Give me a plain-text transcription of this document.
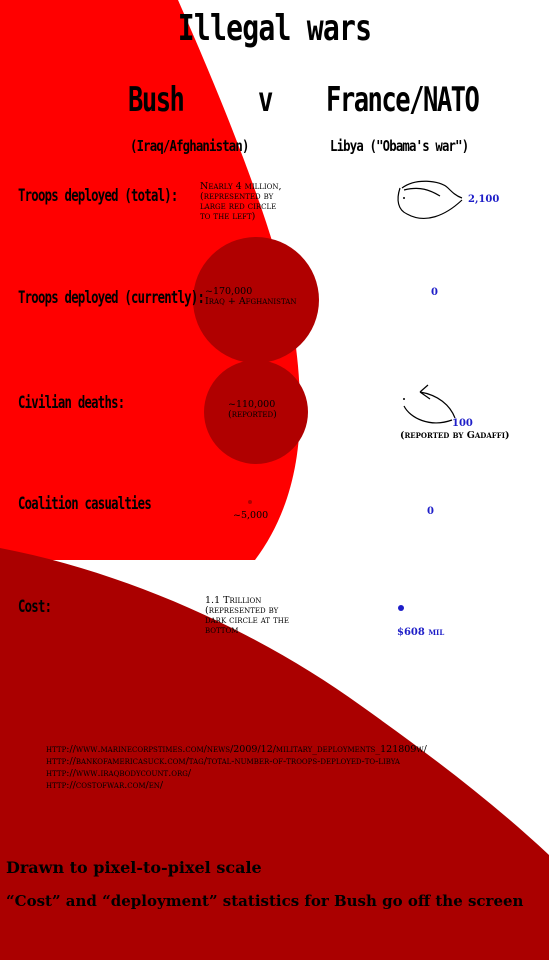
Illegal wars
Bush v France/NATO
(Iraq/Afghanistan)	Libya ("Obama's war")
Troops deployed (total):
Troops deployed (currently):
Civilian deaths:
Coalition casualties
Cost:
Nearly 4 million,
(represented by
large red circle
to the left)
~170,000
Iraq + Afghanistan
~110,000
(reported)
~5,000
1.1 Trillion
(represented by
dark circle at the
bottom
2,100
0
100
(reported by Gadaffi)
0
$608 mil
http://www.marinecorpstimes.com/news/2009/12/military_deployments_121809w/
http://bankofamericasuck.com/tag/total-number-of-troops-deployed-to-libya
http://www.iraqbodycount.org/
http://costofwar.com/en/
Drawn to pixel-to-pixel scale
“Cost” and “deployment” statistics for Bush go off the screen
